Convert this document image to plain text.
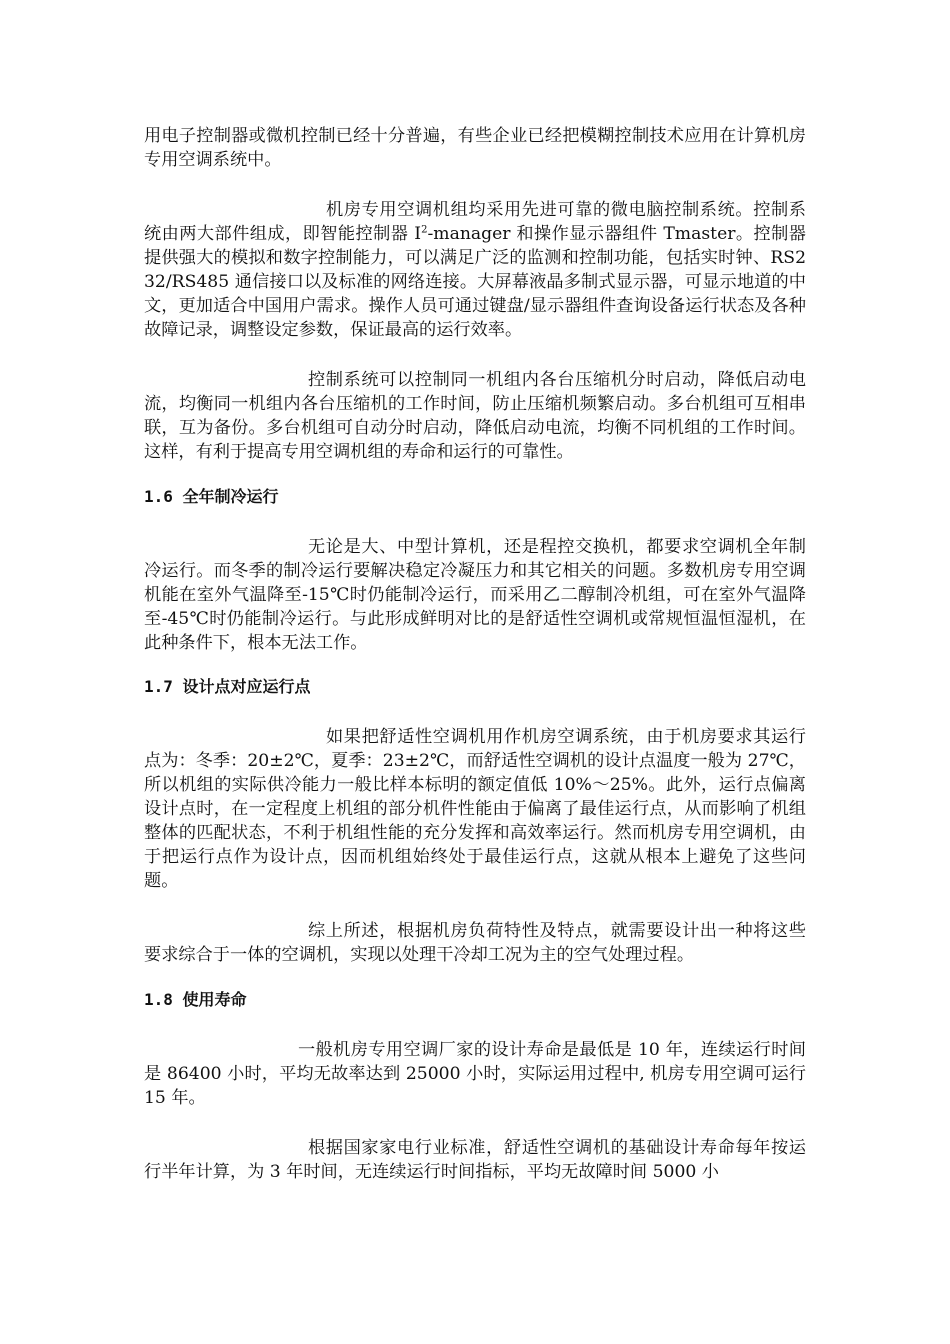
用电子控制器或微机控制已经十分普遍，有些企业已经把模糊控制技术应用在计算机房专用空调系统中。

机房专用空调机组均采用先进可靠的微电脑控制系统。控制系统由两大部件组成，即智能控制器 $I^2$-manager 和操作显示器组件 Tmaster。控制器提供强大的模拟和数字控制能力，可以满足广泛的监测和控制功能，包括实时钟、RS232/RS485 通信接口以及标准的网络连接。大屏幕液晶多制式显示器，可显示地道的中文，更加适合中国用户需求。操作人员可通过键盘/显示器组件查询设备运行状态及各种故障记录，调整设定参数，保证最高的运行效率。

控制系统可以控制同一机组内各台压缩机分时启动，降低启动电流，均衡同一机组内各台压缩机的工作时间，防止压缩机频繁启动。多台机组可互相串联，互为备份。多台机组可自动分时启动，降低启动电流，均衡不同机组的工作时间。这样，有利于提高专用空调机组的寿命和运行的可靠性。

1.6 全年制冷运行

无论是大、中型计算机，还是程控交换机，都要求空调机全年制冷运行。而冬季的制冷运行要解决稳定冷凝压力和其它相关的问题。多数机房专用空调机能在室外气温降至-15℃时仍能制冷运行，而采用乙二醇制冷机组，可在室外气温降至-45℃时仍能制冷运行。与此形成鲜明对比的是舒适性空调机或常规恒温恒湿机，在此种条件下，根本无法工作。

1.7 设计点对应运行点

如果把舒适性空调机用作机房空调系统，由于机房要求其运行点为：冬季：20±2℃，夏季：23±2℃，而舒适性空调机的设计点温度一般为 27℃，所以机组的实际供冷能力一般比样本标明的额定值低 10%～25%。此外，运行点偏离设计点时，在一定程度上机组的部分机件性能由于偏离了最佳运行点，从而影响了机组整体的匹配状态，不利于机组性能的充分发挥和高效率运行。然而机房专用空调机，由于把运行点作为设计点，因而机组始终处于最佳运行点，这就从根本上避免了这些问题。

综上所述，根据机房负荷特性及特点，就需要设计出一种将这些要求综合于一体的空调机，实现以处理干冷却工况为主的空气处理过程。

1.8 使用寿命

一般机房专用空调厂家的设计寿命是最低是 10 年，连续运行时间是 86400 小时，平均无故率达到 25000 小时，实际运用过程中, 机房专用空调可运行 15 年。

根据国家家电行业标准，舒适性空调机的基础设计寿命每年按运行半年计算，为 3 年时间，无连续运行时间指标，平均无故障时间 5000 小
